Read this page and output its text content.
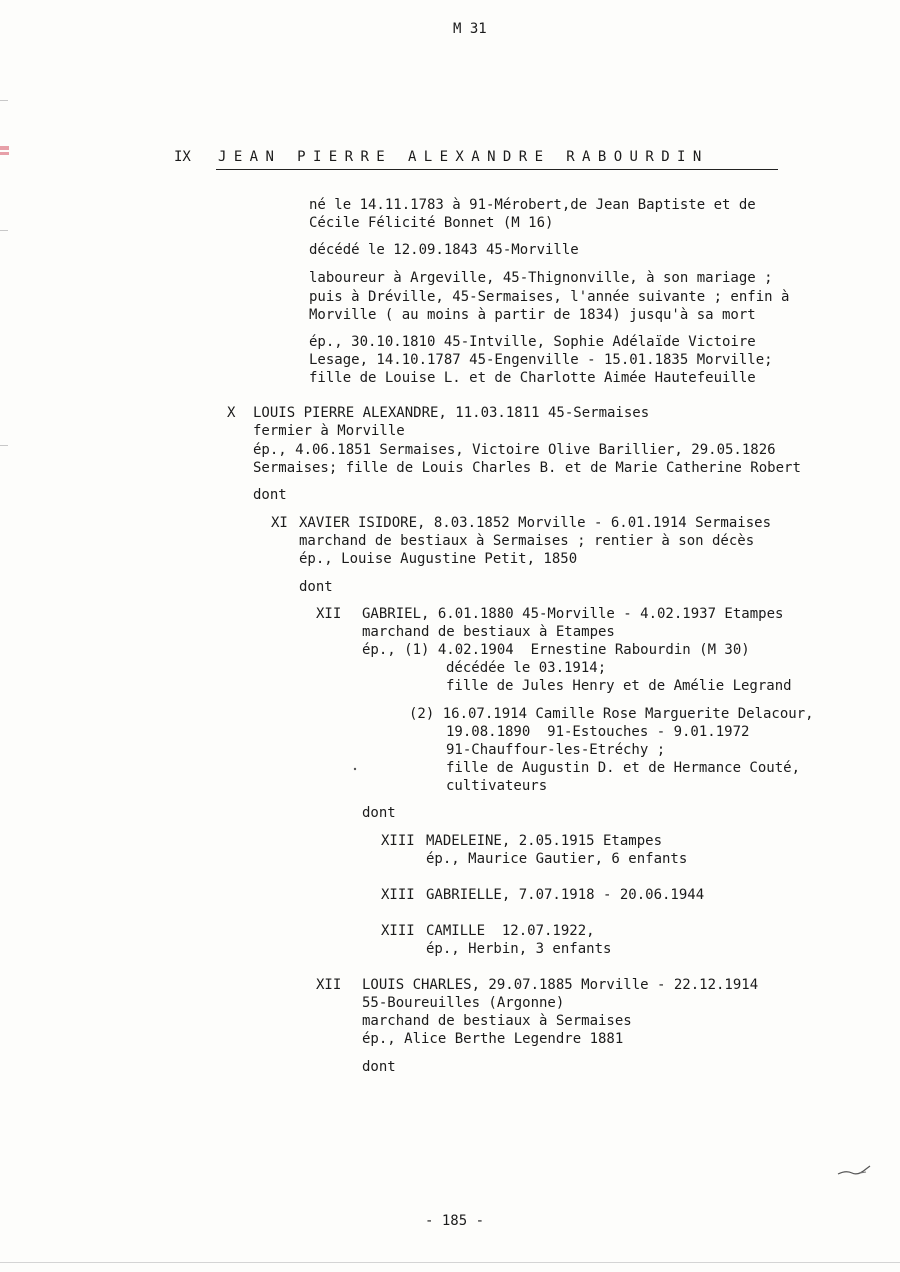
M 31
IX JEAN PIERRE ALEXANDRE RABOURDIN
né le 14.11.1783 à 91-Mérobert,de Jean Baptiste et de
Cécile Félicité Bonnet (M 16)
décédé le 12.09.1843 45-Morville
laboureur à Argeville, 45-Thignonville, à son mariage ;
puis à Dréville, 45-Sermaises, l'année suivante ; enfin à
Morville ( au moins à partir de 1834) jusqu'à sa mort
ép., 30.10.1810 45-Intville, Sophie Adélaïde Victoire
Lesage, 14.10.1787 45-Engenville - 15.01.1835 Morville;
fille de Louise L. et de Charlotte Aimée Hautefeuille
X LOUIS PIERRE ALEXANDRE, 11.03.1811 45-Sermaises
fermier à Morville
ép., 4.06.1851 Sermaises, Victoire Olive Barillier, 29.05.1826
Sermaises; fille de Louis Charles B. et de Marie Catherine Robert
dont
XI XAVIER ISIDORE, 8.03.1852 Morville - 6.01.1914 Sermaises
marchand de bestiaux à Sermaises ; rentier à son décès
ép., Louise Augustine Petit, 1850
dont
XII GABRIEL, 6.01.1880 45-Morville - 4.02.1937 Etampes
marchand de bestiaux à Etampes
ép., (1) 4.02.1904  Ernestine Rabourdin (M 30)
décédée le 03.1914;
fille de Jules Henry et de Amélie Legrand
(2) 16.07.1914 Camille Rose Marguerite Delacour,
19.08.1890  91-Estouches - 9.01.1972
91-Chauffour-les-Etréchy ;
fille de Augustin D. et de Hermance Couté,
cultivateurs
dont
XIII MADELEINE, 2.05.1915 Etampes
ép., Maurice Gautier, 6 enfants
XIII GABRIELLE, 7.07.1918 - 20.06.1944
XIII CAMILLE  12.07.1922,
ép., Herbin, 3 enfants
XII LOUIS CHARLES, 29.07.1885 Morville - 22.12.1914
55-Boureuilles (Argonne)
marchand de bestiaux à Sermaises
ép., Alice Berthe Legendre 1881
dont
- 185 -
